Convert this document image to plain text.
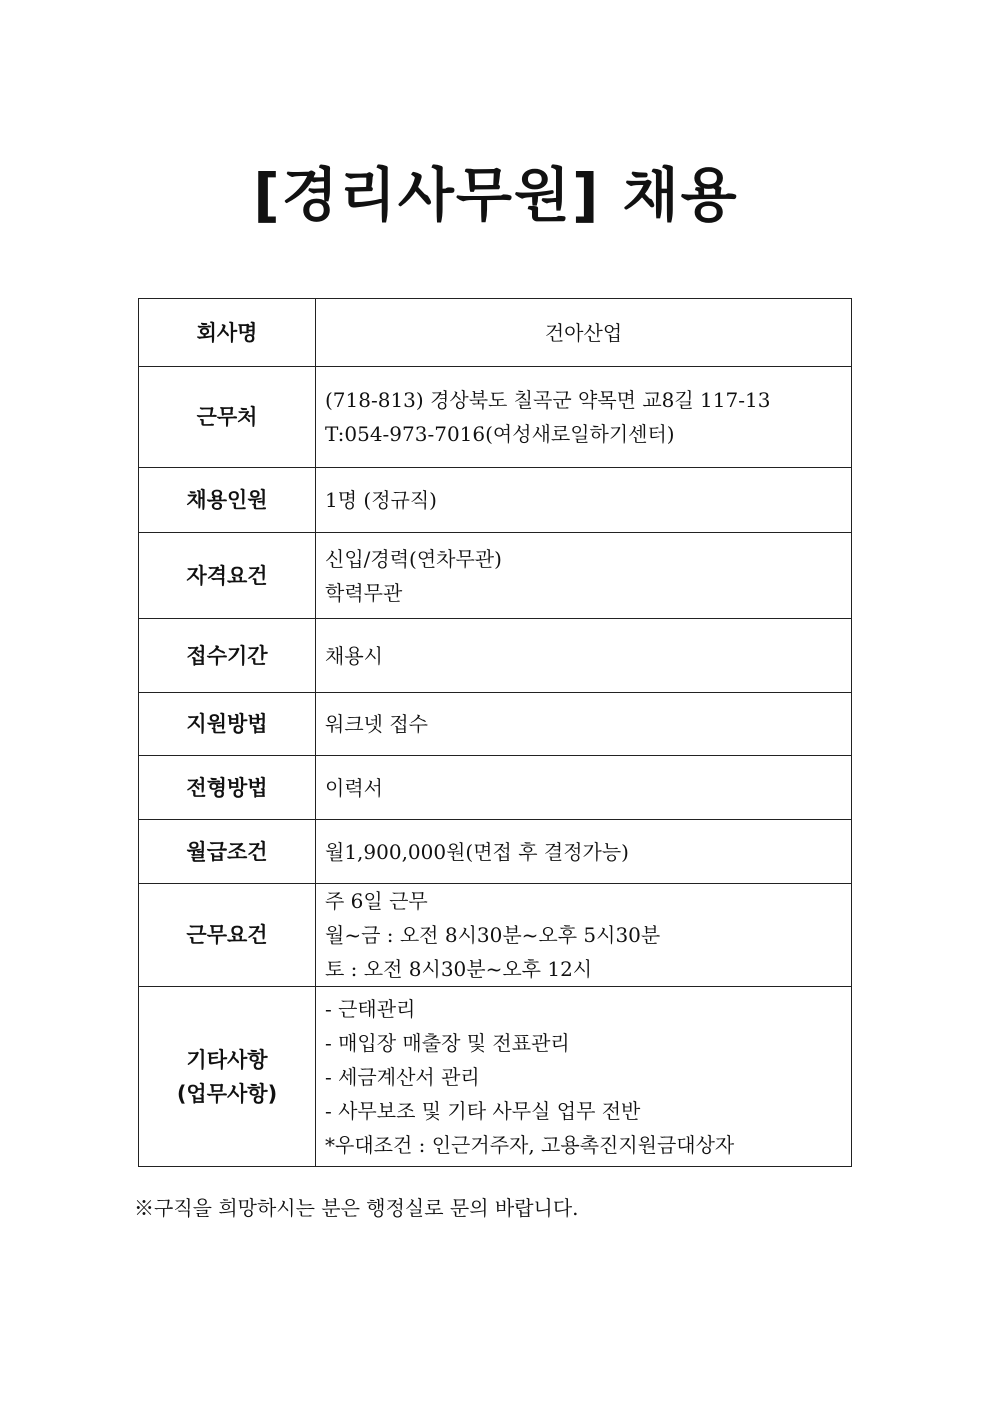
[경리사무원] 채용
회사명	건아산업
근무처	(718-813) 경상북도 칠곡군 약목면 교8길 117-13
T:054-973-7016(여성새로일하기센터)

채용인원	1명 (정규직)
자격요건	신입/경력(연차무관)
학력무관

접수기간	채용시
지원방법	워크넷 접수
전형방법	이력서
월급조건	월1,900,000원(면접 후 결정가능)
근무요건	주 6일 근무
월~금 : 오전 8시30분~오후 5시30분
토 : 오전 8시30분~오후 12시

기타사항
(업무사항)	- 근태관리
- 매입장 매출장 및 전표관리
- 세금계산서 관리
- 사무보조 및 기타 사무실 업무 전반
*우대조건 : 인근거주자, 고용촉진지원금대상자
※구직을 희망하시는 분은 행정실로 문의 바랍니다.
